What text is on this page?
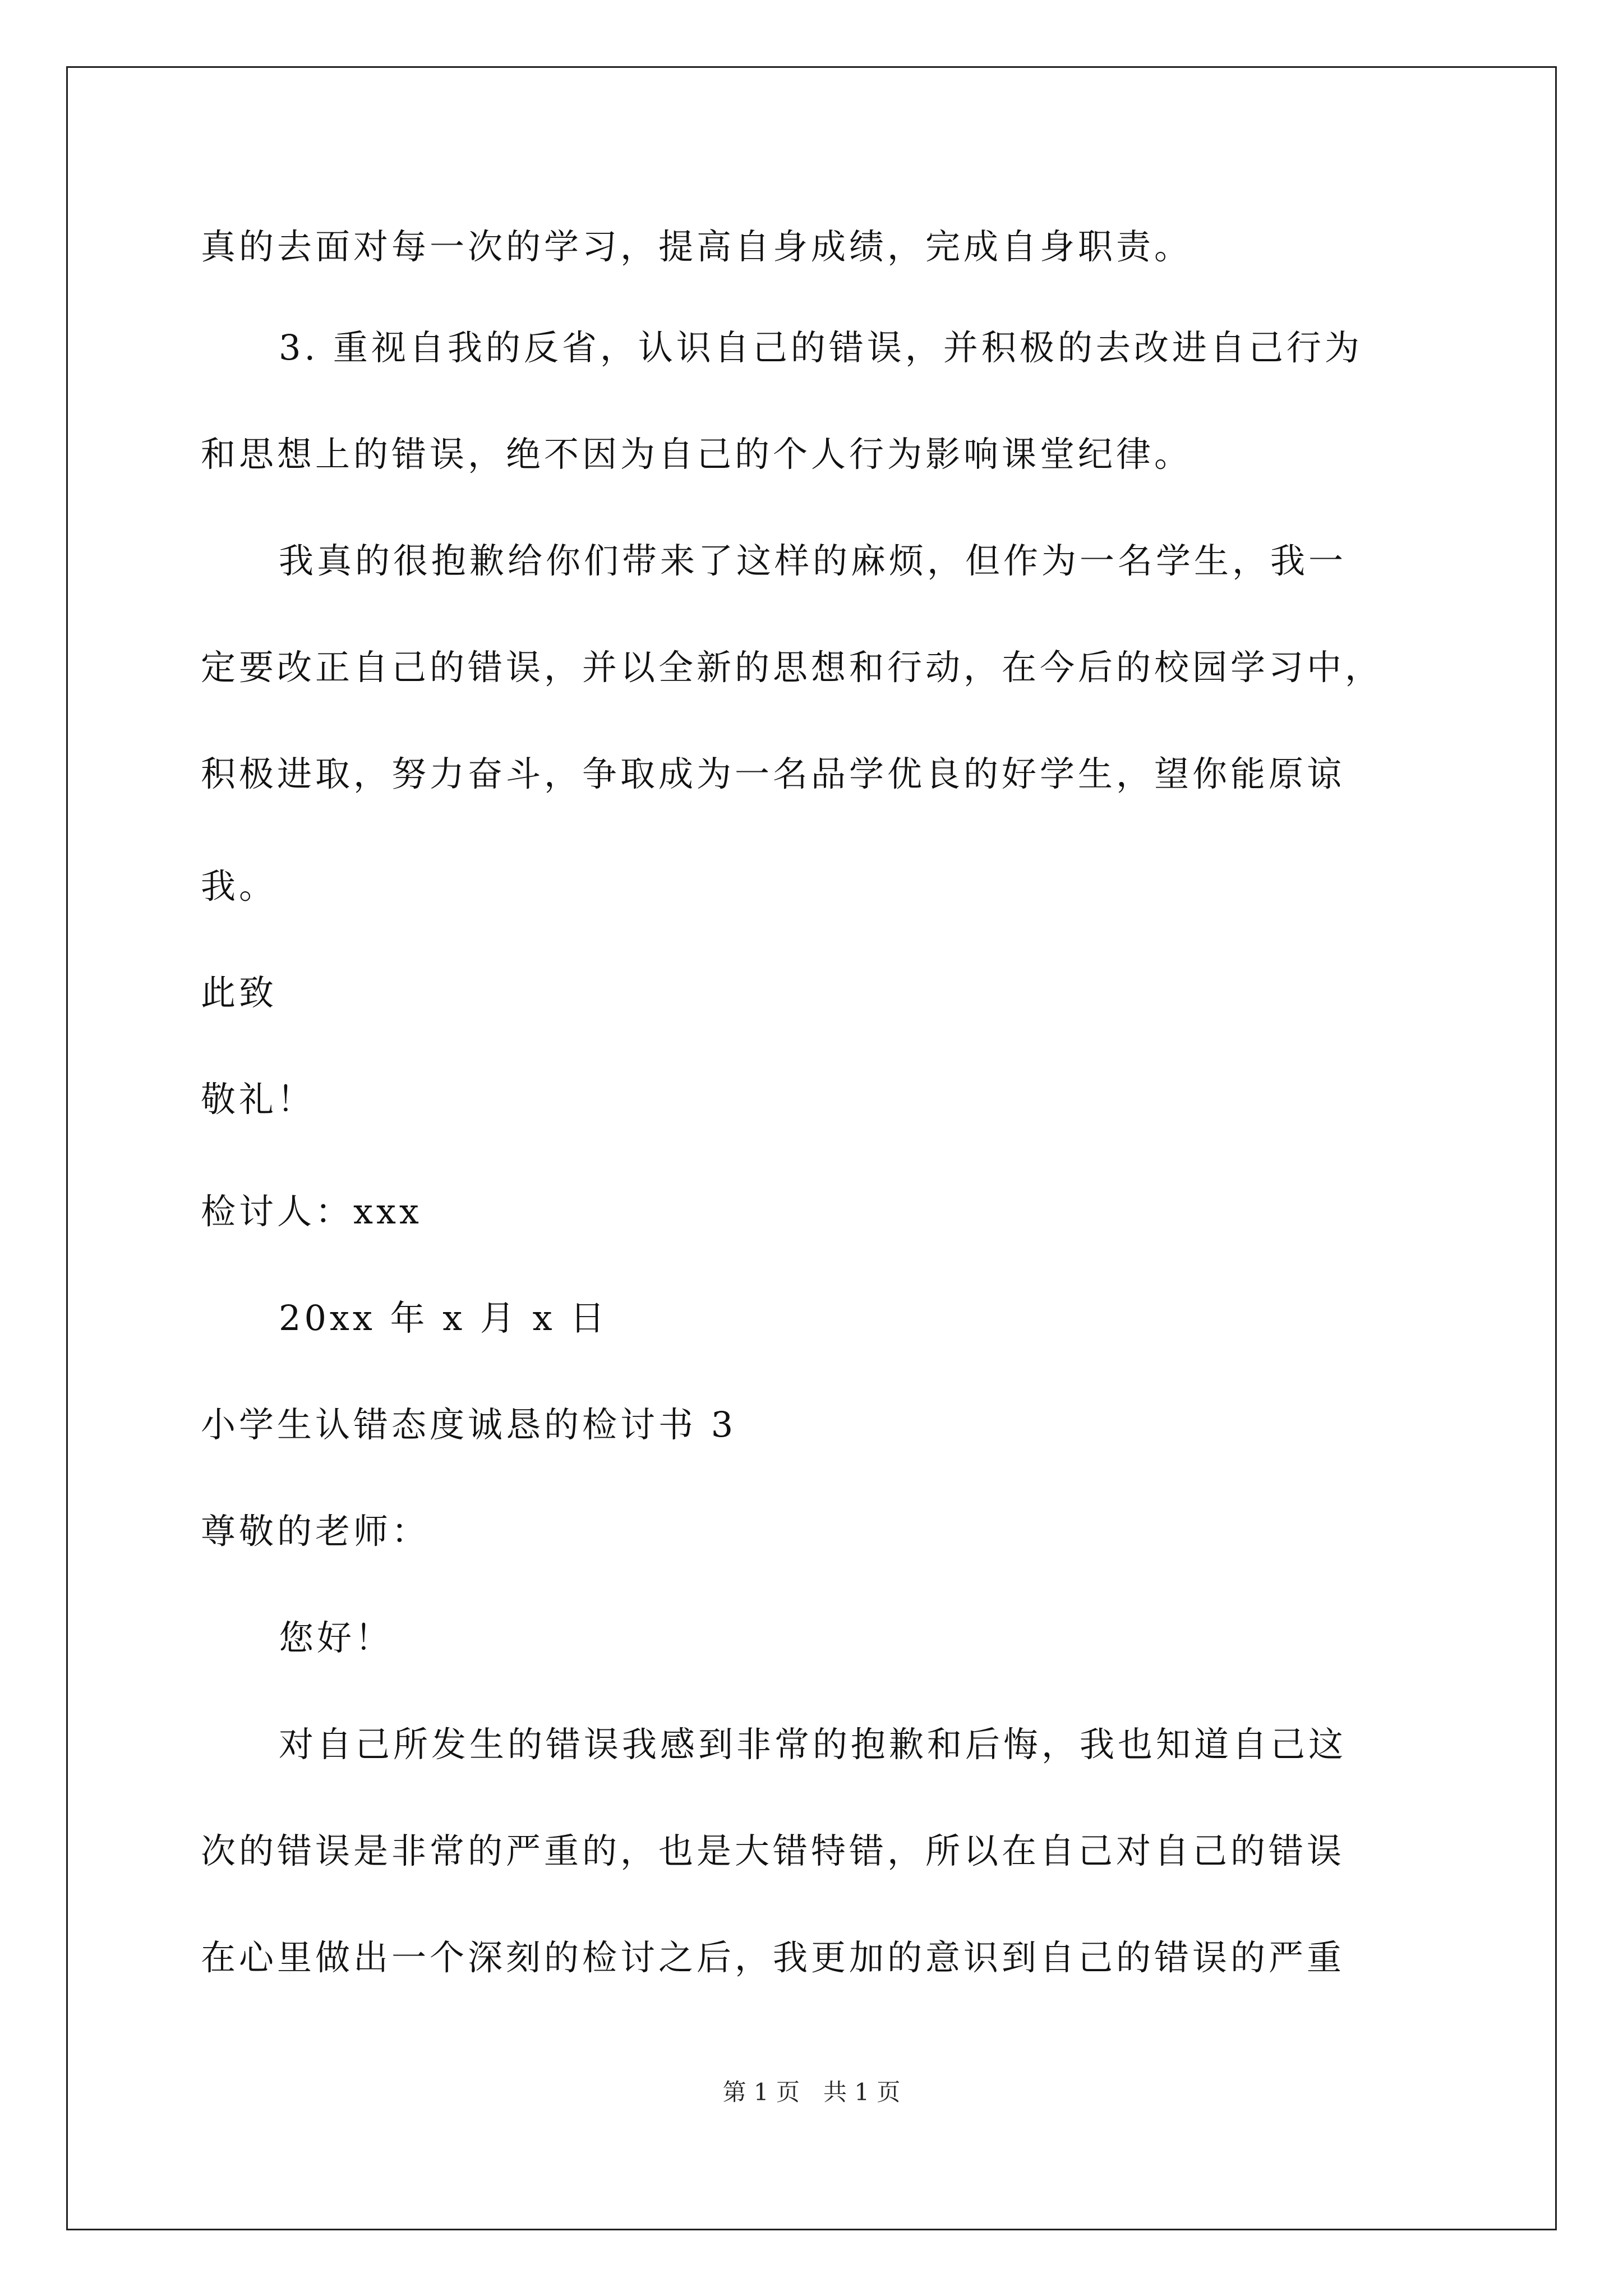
真的去面对每一次的学习，提高自身成绩，完成自身职责。
3. 重视自我的反省，认识自己的错误，并积极的去改进自己行为
和思想上的错误，绝不因为自己的个人行为影响课堂纪律。
我真的很抱歉给你们带来了这样的麻烦，但作为一名学生，我一
定要改正自己的错误，并以全新的思想和行动，在今后的校园学习中，
积极进取，努力奋斗，争取成为一名品学优良的好学生，望你能原谅
我。
此致
敬礼！
检讨人：xxx
20xx 年 x 月 x 日
小学生认错态度诚恳的检讨书 3
尊敬的老师：
您好！
对自己所发生的错误我感到非常的抱歉和后悔，我也知道自己这
次的错误是非常的严重的，也是大错特错，所以在自己对自己的错误
在心里做出一个深刻的检讨之后，我更加的意识到自己的错误的严重
第 1 页　共 1 页
